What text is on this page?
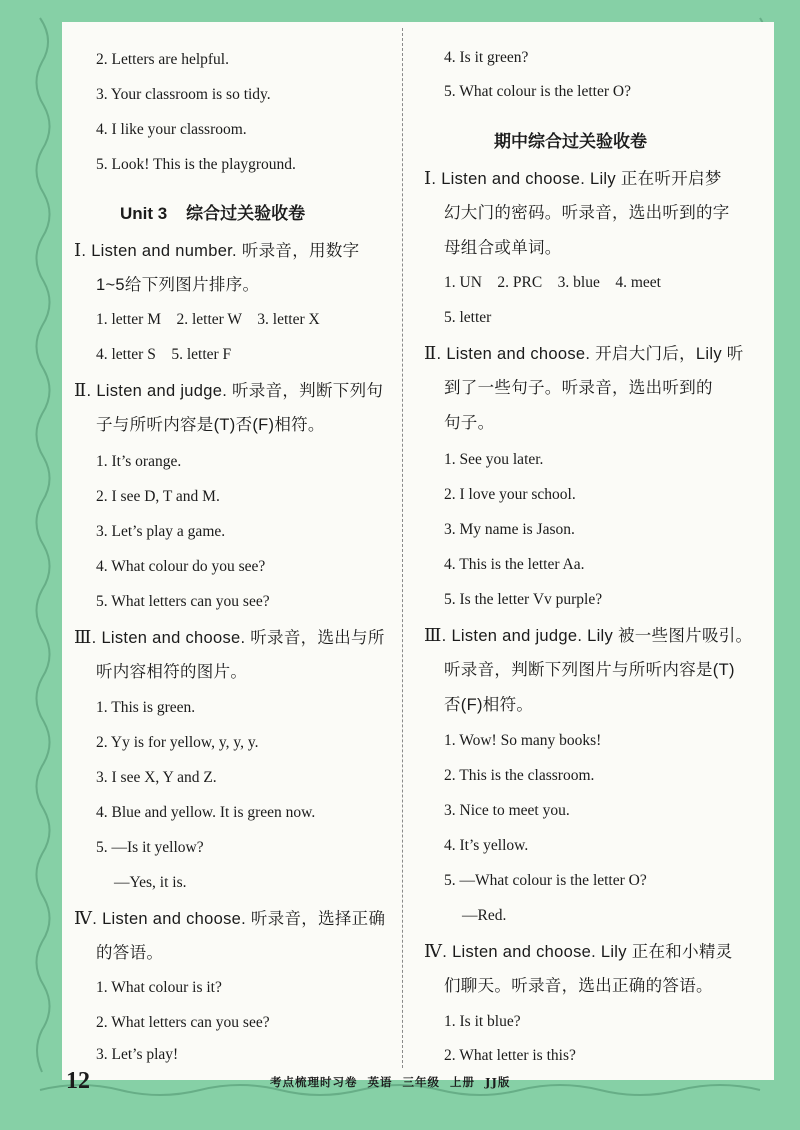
2. Letters are helpful.
3. Your classroom is so tidy.
4. I like your classroom.
5. Look! This is the playground.
Unit 3    综合过关验收卷
Ⅰ. Listen and number. 听录音，用数字
1~5给下列图片排序。
1. letter M    2. letter W    3. letter X
4. letter S    5. letter F
Ⅱ. Listen and judge. 听录音，判断下列句
子与所听内容是(T)否(F)相符。
1. It’s orange.
2. I see D, T and M.
3. Let’s play a game.
4. What colour do you see?
5. What letters can you see?
Ⅲ. Listen and choose. 听录音，选出与所
听内容相符的图片。
1. This is green.
2. Yy is for yellow, y, y, y.
3. I see X, Y and Z.
4. Blue and yellow. It is green now.
5. —Is it yellow?
—Yes, it is.
Ⅳ. Listen and choose. 听录音，选择正确
的答语。
1. What colour is it?
2. What letters can you see?
3. Let’s play!
4. Is it green?
5. What colour is the letter O?
期中综合过关验收卷
Ⅰ. Listen and choose. Lily 正在听开启梦
幻大门的密码。听录音，选出听到的字
母组合或单词。
1. UN    2. PRC    3. blue    4. meet
5. letter
Ⅱ. Listen and choose. 开启大门后，Lily 听
到了一些句子。听录音，选出听到的
句子。
1. See you later.
2. I love your school.
3. My name is Jason.
4. This is the letter Aa.
5. Is the letter Vv purple?
Ⅲ. Listen and judge. Lily 被一些图片吸引。
听录音，判断下列图片与所听内容是(T)
否(F)相符。
1. Wow! So many books!
2. This is the classroom.
3. Nice to meet you.
4. It’s yellow.
5. —What colour is the letter O?
—Red.
Ⅳ. Listen and choose. Lily 正在和小精灵
们聊天。听录音，选出正确的答语。
1. Is it blue?
2. What letter is this?
12	考点梳理时习卷  英语  三年级  上册  JJ版
